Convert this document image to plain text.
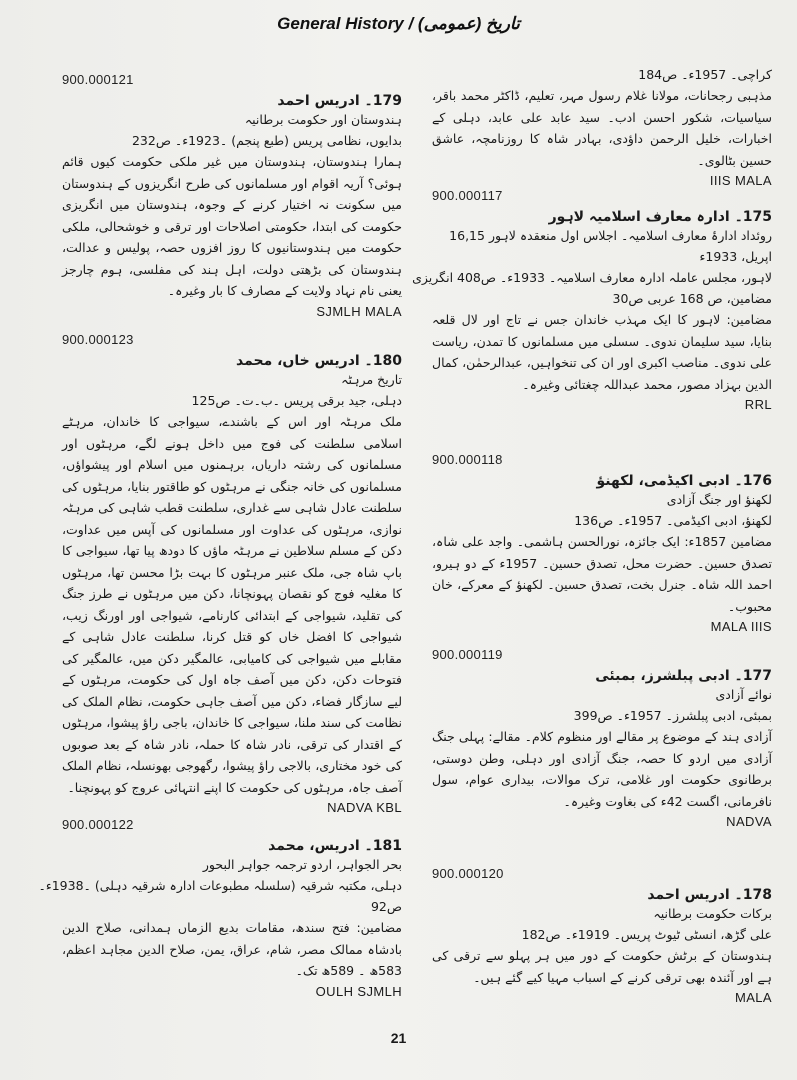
General History / (عمومی) تاریخ
900.000121
179۔ ادریس احمد
ہندوستان اور حکومت برطانیہ
بدایوں، نظامی پریس (طبع پنجم) ۔1923ء۔ ص232
ہمارا ہندوستان، ہندوستان میں غیر ملکی حکومت کیوں قائم ہوئی؟ آریہ اقوام اور مسلمانوں کی طرح انگریزوں کے ہندوستان میں سکونت نہ اختیار کرنے کے وجوہ، ہندوستان میں انگریزی حکومت کی ابتدا، حکومتی اصلاحات اور ترقی و خوشحالی، ملکی حکومت میں ہندوستانیوں کا روز افزوں حصہ، پولیس و عدالت، ہندوستان کی بڑھتی دولت، اہل ہند کی مفلسی، ہوم چارجز یعنی نام نہاد ولایت کے مصارف کا بار وغیرہ۔
SJMLH MALA
900.000123
180۔ ادریس خاں، محمد
تاریخ مرہٹہ
دہلی، جید برقی پریس ۔ب۔ت۔ ص125
ملک مرہٹہ اور اس کے باشندے، سیواجی کا خاندان، مرہٹے اسلامی سلطنت کی فوج میں داخل ہونے لگے، مرہٹوں اور مسلمانوں کی رشتہ داریاں، برہمنوں میں اسلام اور پیشواؤں، مسلمانوں کی خانہ جنگی نے مرہٹوں کو طاقتور بنایا، مرہٹوں کی سلطنت عادل شاہی سے غداری، سلطنت قطب شاہی کی مرہٹہ نوازی، مرہٹوں کی عداوت اور مسلمانوں کی آپس میں عداوت، دکن کے مسلم سلاطین نے مرہٹہ ماؤں کا دودھ پیا تھا، سیواجی کا باپ شاہ جی، ملک عنبر مرہٹوں کا بہت بڑا محسن تھا، مرہٹوں کا مغلیہ فوج کو نقصان پہونچانا، دکن میں مرہٹوں نے طرز جنگ کی تقلید، شیواجی کے ابتدائی کارنامے، شیواجی اور اورنگ زیب، شیواجی کا افضل خاں کو قتل کرنا، سلطنت عادل شاہی کے مقابلے میں شیواجی کی کامیابی، عالمگیر دکن میں، عالمگیر کی فتوحات دکن، دکن میں آصف جاہ اول کی حکومت، مرہٹوں کے لیے سازگار فضاء، دکن میں آصف جاہی حکومت، نظام الملک کی نظامت کی سند ملنا، سیواجی کا خاندان، باجی راؤ پیشوا، مرہٹوں کے اقتدار کی ترقی، نادر شاہ کا حملہ، نادر شاہ کے بعد صوبوں کی خود مختاری، بالاجی راؤ پیشوا، رگھوجی بھونسلہ، نظام الملک آصف جاہ، مرہٹوں کی حکومت کا اپنے انتہائی عروج کو پہونچنا۔
NADVA KBL
900.000122
181۔ ادریس، محمد
بحر الجواہر، اردو ترجمہ جواہر البحور
دہلی، مکتبہ شرقیہ (سلسلہ مطبوعات ادارہ شرقیہ دہلی) ۔1938ء۔
ص92
مضامین: فتح سندھ، مقامات بدیع الزماں ہمدانی، صلاح الدین بادشاہ ممالک مصر، شام، عراق، یمن، صلاح الدین مجاہد اعظم، 583ھ ۔ 589ھ تک۔
OULH SJMLH
کراچی۔ 1957ء۔ ص184
مذہبی رجحانات، مولانا غلام رسول مہر، تعلیم، ڈاکٹر محمد باقر، سیاسیات، شکور احسن ادب۔ سید عابد علی عابد، دہلی کے اخبارات، خلیل الرحمن داؤدی، بہادر شاہ کا روزنامچہ، عاشق حسین بٹالوی۔
IIIS MALA
900.000117
175۔ ادارہ معارف اسلامیہ لاہور
روئداد ادارۂ معارف اسلامیہ۔ اجلاس اول منعقدہ لاہور 16,15
اپریل، 1933ء
لاہور، مجلس عاملہ ادارہ معارف اسلامیہ۔ 1933ء۔ ص408 انگریزی
مضامین، ص 168 عربی ص30
مضامین: لاہور کا ایک مہذب خاندان جس نے تاج اور لال قلعہ بنایا، سید سلیمان ندوی۔ سسلی میں مسلمانوں کا تمدن، ریاست علی ندوی۔ مناصب اکبری اور ان کی تنخواہیں، عبدالرحمٰن، کمال الدین بہزاد مصور، محمد عبداللہ چغتائی وغیرہ۔
RRL
900.000118
176۔ ادبی اکیڈمی، لکھنؤ
لکھنؤ اور جنگ آزادی
لکھنؤ، ادبی اکیڈمی۔ 1957ء۔ ص136
مضامین 1857ء: ایک جائزہ، نورالحسن ہاشمی۔ واجد علی شاہ، تصدق حسین۔ حضرت محل، تصدق حسین۔ 1957ء کے دو ہیرو، احمد اللہ شاہ۔ جنرل بخت، تصدق حسین۔ لکھنؤ کے معرکے، خان محبوب۔
MALA IIIS
900.000119
177۔ ادبی پبلشرز، بمبئی
نوائے آزادی
بمبئی، ادبی پبلشرز۔ 1957ء۔ ص399
آزادی ہند کے موضوع پر مقالے اور منظوم کلام۔ مقالے: پہلی جنگ آزادی میں اردو کا حصہ، جنگ آزادی اور دہلی، وطن دوستی، برطانوی حکومت اور غلامی، ترک موالات، بیداری عوام، سول نافرمانی، اگست 42ء کی بغاوت وغیرہ۔
NADVA
900.000120
178۔ ادریس احمد
برکات حکومت برطانیہ
علی گڑھ، انسٹی ٹیوٹ پریس۔ 1919ء۔ ص182
ہندوستان کے برٹش حکومت کے دور میں ہر پہلو سے ترقی کی ہے اور آئندہ بھی ترقی کرنے کے اسباب مہیا کیے گئے ہیں۔
MALA
21
